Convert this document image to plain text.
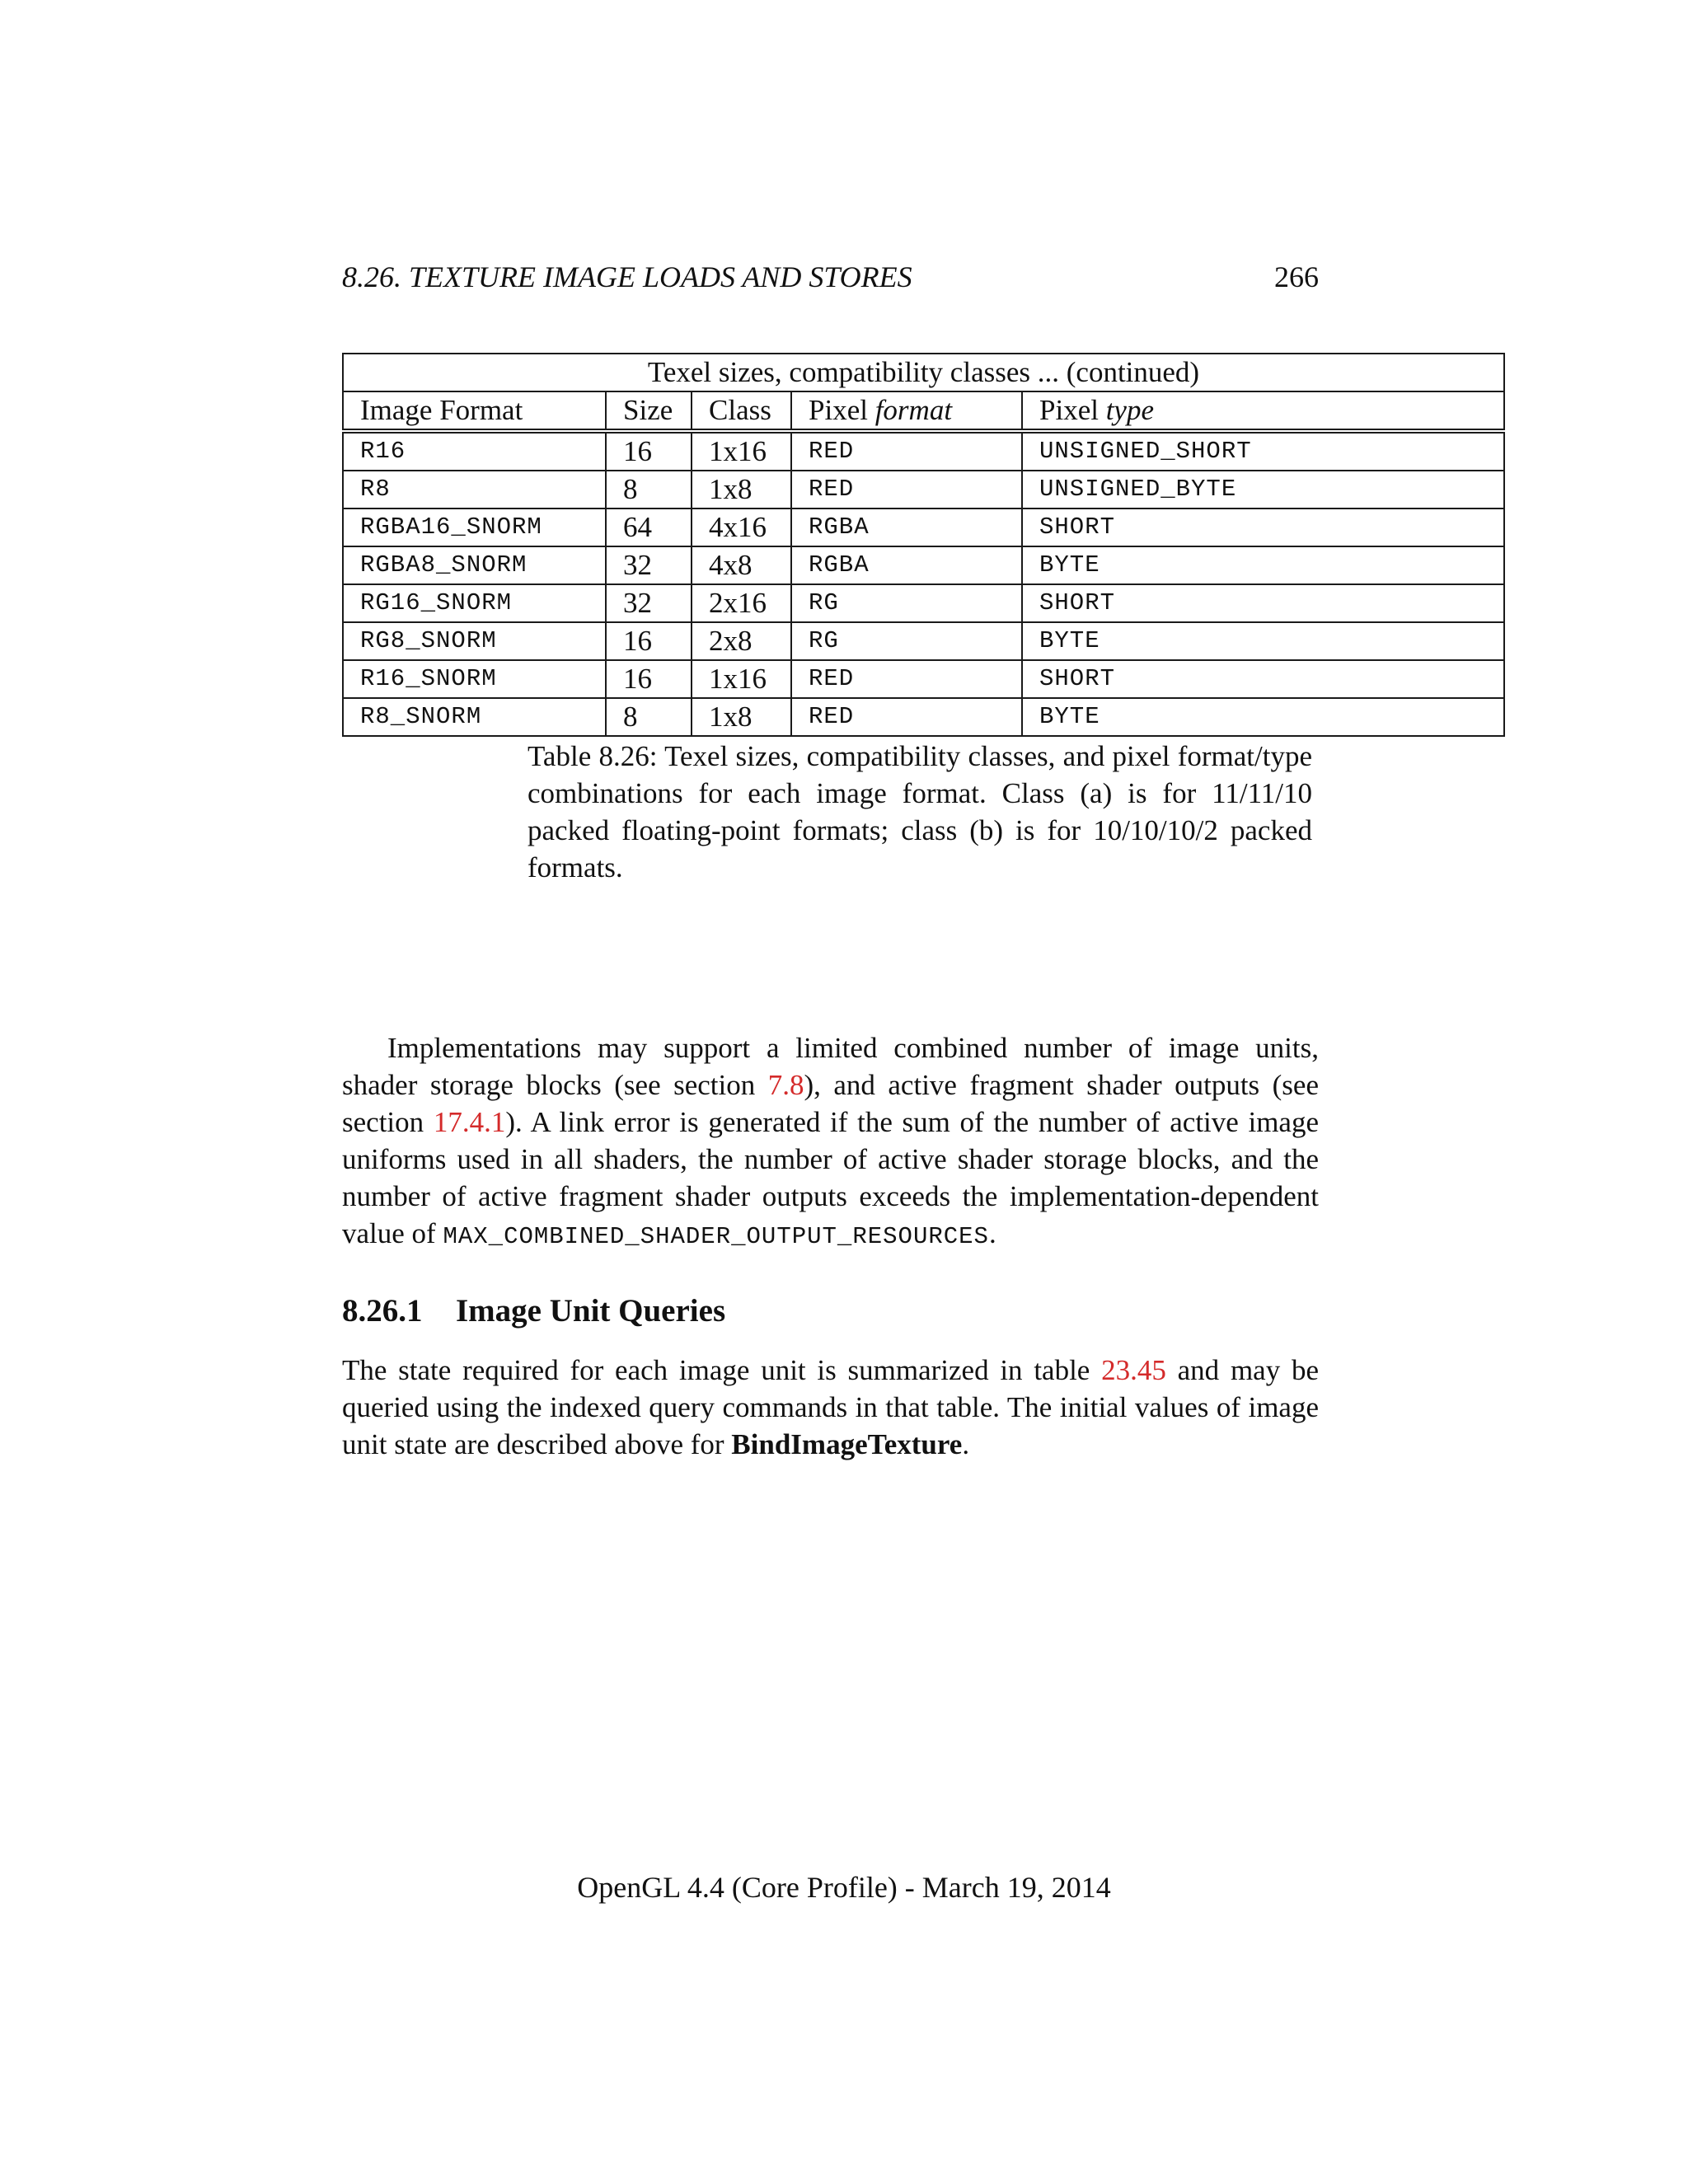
8.26. TEXTURE IMAGE LOADS AND STORES	266
Texel sizes, compatibility classes ... (continued)				
Image Format	Size	Class	Pixel format	Pixel type
R16	16	1x16	RED	UNSIGNED_SHORT
R8	8	1x8	RED	UNSIGNED_BYTE
RGBA16_SNORM	64	4x16	RGBA	SHORT
RGBA8_SNORM	32	4x8	RGBA	BYTE
RG16_SNORM	32	2x16	RG	SHORT
RG8_SNORM	16	2x8	RG	BYTE
R16_SNORM	16	1x16	RED	SHORT
R8_SNORM	8	1x8	RED	BYTE
Table 8.26: Texel sizes, compatibility classes, and pixel format/type combinations for each image format. Class (a) is for 11/11/10 packed floating-point formats; class (b) is for 10/10/10/2 packed formats.

Implementations may support a limited combined number of image units, shader storage blocks (see section 7.8), and active fragment shader outputs (see section 17.4.1). A link error is generated if the sum of the number of active image uniforms used in all shaders, the number of active shader storage blocks, and the number of active fragment shader outputs exceeds the implementation-dependent value of MAX_COMBINED_SHADER_OUTPUT_RESOURCES.

8.26.1 Image Unit Queries

The state required for each image unit is summarized in table 23.45 and may be queried using the indexed query commands in that table. The initial values of image unit state are described above for BindImageTexture.

OpenGL 4.4 (Core Profile) - March 19, 2014
